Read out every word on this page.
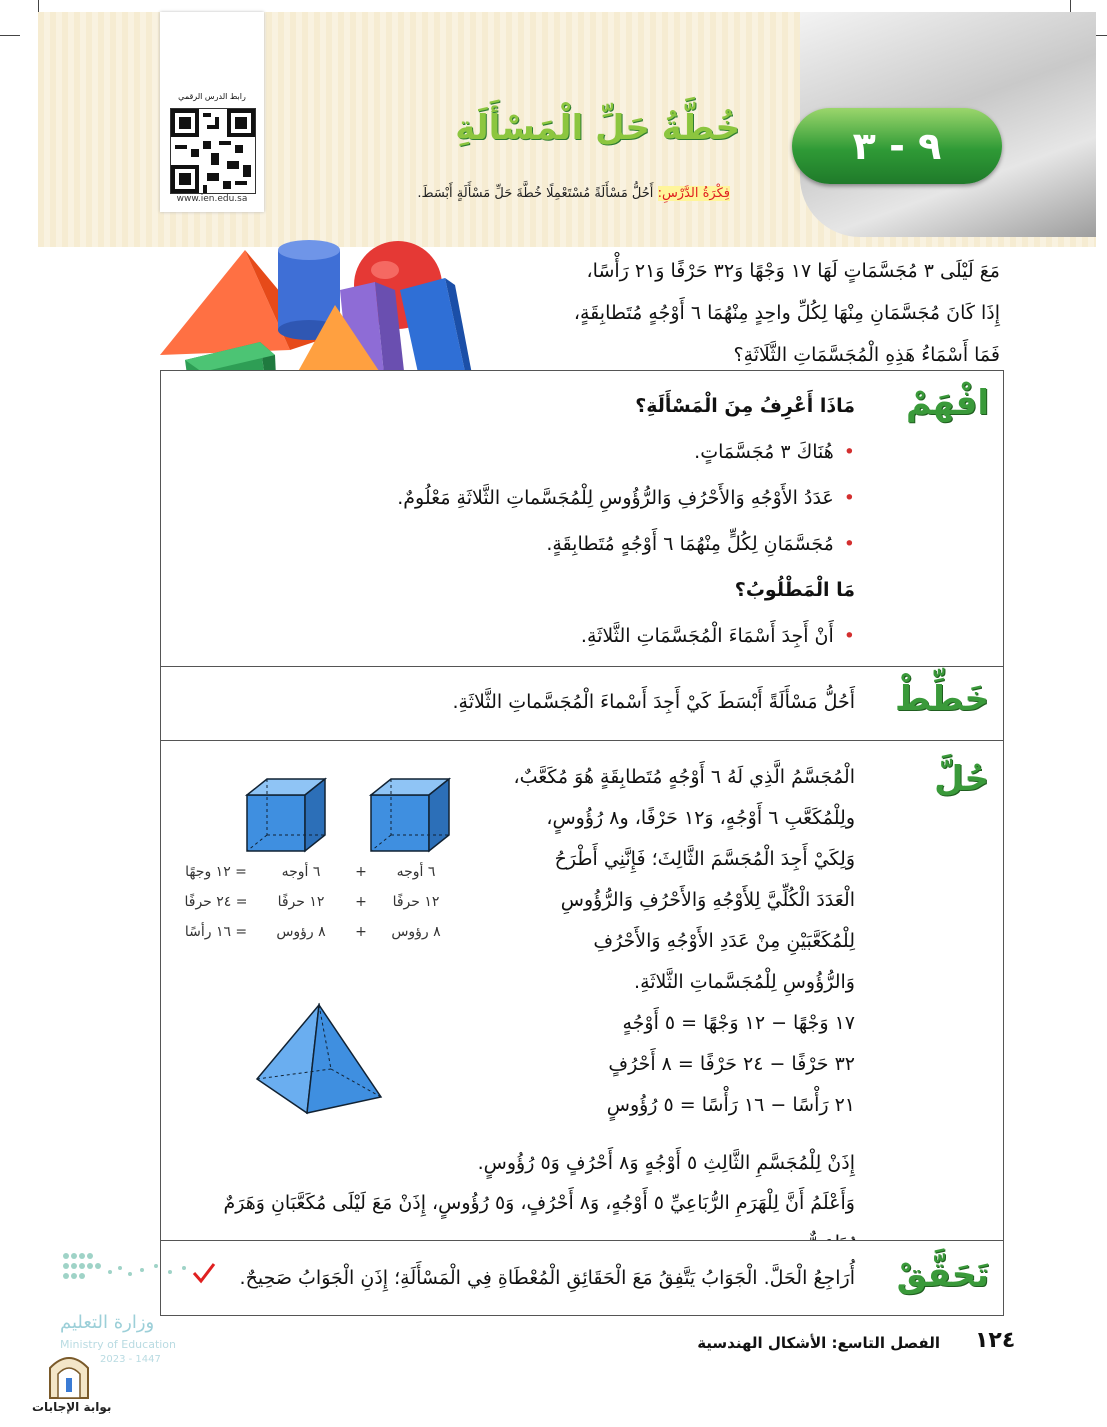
٩ - ٣
خُطَّةُ حَلِّ الْمَسْأَلَةِ
فِكْرَةُ الدَّرْسِ: أَحُلُّ مَسْأَلَةً مُسْتَعْمِلًا خُطَّةَ حَلِّ مَسْأَلَةٍ أَبْسَطَ.
رابط الدرس الرقمي
www.ien.edu.sa
مَعَ لَيْلَى ٣ مُجَسَّمَاتٍ لَهَا ١٧ وَجْهًا وَ٣٢ حَرْفًا وَ٢١ رَأْسًا،
إِذَا كَانَ مُجَسَّمَانِ مِنْهَا لِكُلِّ واحِدٍ مِنْهُمَا ٦ أَوْجُهٍ مُتَطابِقَةٍ،
فَمَا أَسْمَاءُ هَذِهِ الْمُجَسَّمَاتِ الثَّلَاثَةِ؟
افْهَمْ
مَاذَا أَعْرِفُ مِنَ الْمَسْأَلَةِ؟
•هُنَاكَ ٣ مُجَسَّمَاتٍ.
•عَدَدُ الأَوْجُهِ وَالأَحْرُفِ وَالرُّؤُوسِ لِلْمُجَسَّماتِ الثَّلاثَةِ مَعْلُومٌ.
•مُجَسَّمَانِ لِكُلٍّ مِنْهُمَا ٦ أَوْجُهٍ مُتَطابِقَةٍ.
مَا الْمَطْلُوبُ؟
•أَنْ أَجِدَ أَسْمَاءَ الْمُجَسَّمَاتِ الثَّلاثَةِ.
خَطِّطْ
أَحُلُّ مَسْأَلَةً أَبْسَطَ كَيْ أَجِدَ أَسْماءَ الْمُجَسَّماتِ الثَّلاثَةِ.
حُلَّ
الْمُجَسَّمُ الَّذِي لَهُ ٦ أَوْجُهٍ مُتَطابِقَةٍ هُوَ مُكَعَّبٌ،
ولِلْمُكَعَّبِ ٦ أَوْجُهٍ، وَ١٢ حَرْفًا، و٨ رُؤُوسٍ،
وَلِكَيْ أَجِدَ الْمُجَسَّمَ الثَّالِثَ؛ فَإِنَّنِي أَطْرَحُ
الْعَدَدَ الْكُلِّيَّ لِلأَوْجُهِ وَالأَحْرُفِ وَالرُّؤُوسِ
لِلْمُكَعَّبَيْنِ مِنْ عَدَدِ الأَوْجُهِ وَالأَحْرُفِ
وَالرُّؤُوسِ لِلْمُجَسَّماتِ الثَّلاثَةِ.
١٧ وَجْهًا − ١٢ وَجْهًا = ٥ أَوْجُهٍ
٣٢ حَرْفًا − ٢٤ حَرْفًا = ٨ أَحْرُفٍ
٢١ رَأْسًا − ١٦ رَأْسًا = ٥ رُؤُوسٍ
إِذَنْ لِلْمُجَسَّمِ الثَّالِثِ ٥ أَوْجُهٍ وَ٨ أَحْرُفٍ وَ٥ رُؤُوسٍ.
وَأَعْلَمُ أَنَّ لِلْهَرَمِ الرُّبَاعِيِّ ٥ أَوْجُهٍ، وَ٨ أَحْرُفٍ، وَ٥ رُؤُوسٍ، إِذَنْ مَعَ لَيْلَى مُكَعَّبَانِ وَهَرَمٌ
٦ أوجه
+
٦ أوجه
= ١٢ وجهًا
١٢ حرفًا
+
١٢ حرفًا
= ٢٤ حرفًا
٨ رؤوس
+
٨ رؤوس
= ١٦ رأسًا
تَحَقَّقْ
أُرَاجِعُ الْحَلَّ. الْجَوَابُ يَتَّفِقُ مَعَ الْحَقَائِقِ الْمُعْطَاةِ فِي الْمَسْأَلَةِ؛ إِذَنِ الْجَوَابُ صَحِيحٌ.
وزارة التعليم
Ministry of Education
2023 - 1447
١٢٤
الفصل التاسع: الأشكال الهندسية
بوابة الإجابات
